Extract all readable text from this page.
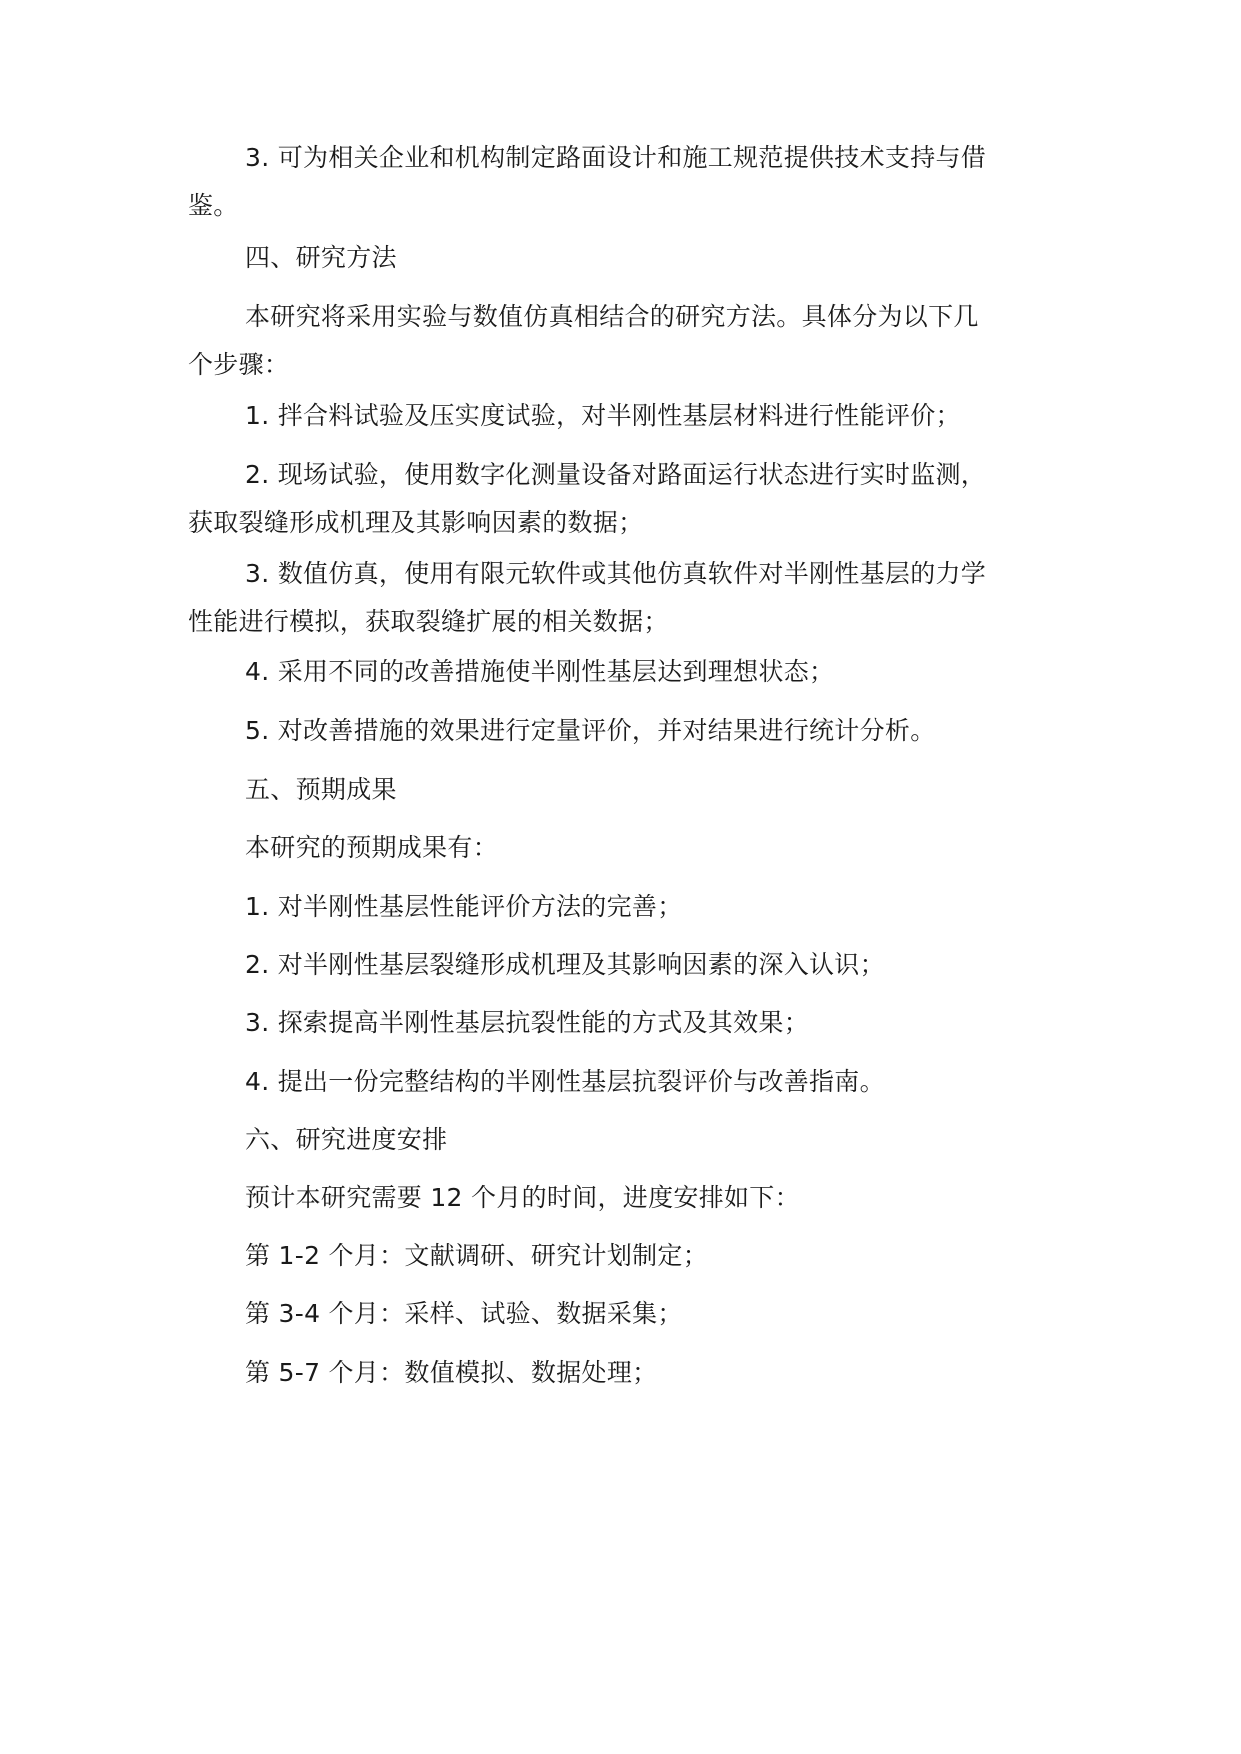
3. 可为相关企业和机构制定路面设计和施工规范提供技术支持与借
鉴。

四、研究方法

本研究将采用实验与数值仿真相结合的研究方法。具体分为以下几
个步骤：

1. 拌合料试验及压实度试验，对半刚性基层材料进行性能评价；

2. 现场试验，使用数字化测量设备对路面运行状态进行实时监测，
获取裂缝形成机理及其影响因素的数据；

3. 数值仿真，使用有限元软件或其他仿真软件对半刚性基层的力学
性能进行模拟，获取裂缝扩展的相关数据；

4. 采用不同的改善措施使半刚性基层达到理想状态；

5. 对改善措施的效果进行定量评价，并对结果进行统计分析。

五、预期成果

本研究的预期成果有：

1. 对半刚性基层性能评价方法的完善；

2. 对半刚性基层裂缝形成机理及其影响因素的深入认识；

3. 探索提高半刚性基层抗裂性能的方式及其效果；

4. 提出一份完整结构的半刚性基层抗裂评价与改善指南。

六、研究进度安排

预计本研究需要 12 个月的时间，进度安排如下：

第 1-2 个月：文献调研、研究计划制定；

第 3-4 个月：采样、试验、数据采集；

第 5-7 个月：数值模拟、数据处理；
